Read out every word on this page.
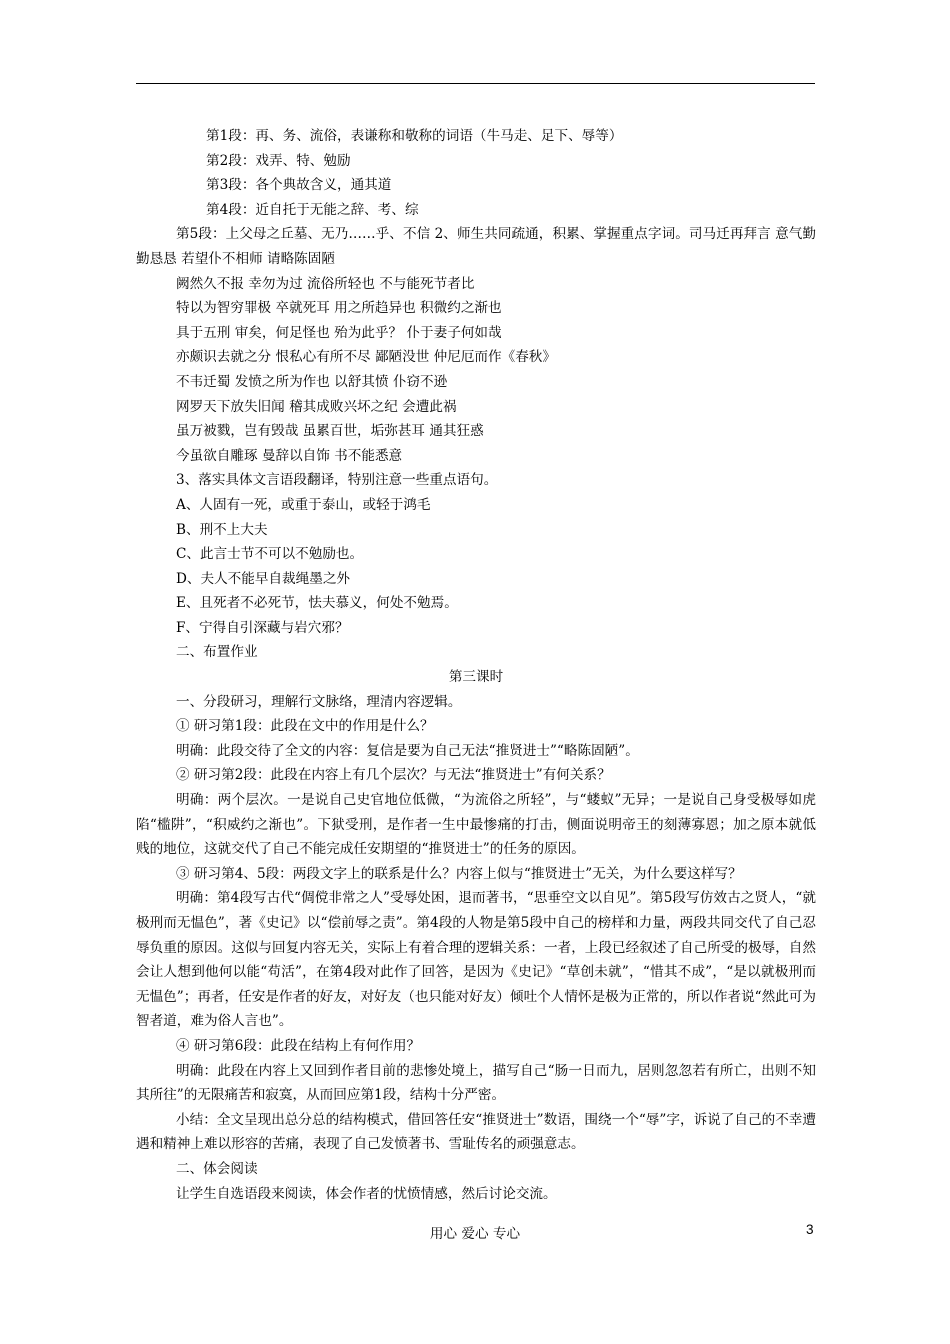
第1段：再、务、流俗，表谦称和敬称的词语（牛马走、足下、辱等）
第2段：戏弄、特、勉励
第3段：各个典故含义，通其道
第4段：近自托于无能之辞、考、综
第5段：上父母之丘墓、无乃……乎、不信 2、师生共同疏通，积累、掌握重点字词。司马迁再拜言 意气勤勤恳恳 若望仆不相师 请略陈固陋
阙然久不报 幸勿为过 流俗所轻也 不与能死节者比
特以为智穷罪极 卒就死耳 用之所趋异也 积微约之渐也
具于五刑 审矣，何足怪也 殆为此乎？ 仆于妻子何如哉
亦颇识去就之分 恨私心有所不尽 鄙陋没世 仲尼厄而作《春秋》
不韦迁蜀 发愤之所为作也 以舒其愤 仆窃不逊
网罗天下放失旧闻 稽其成败兴坏之纪 会遭此祸
虽万被戮，岂有毁哉 虽累百世，垢弥甚耳 通其狂惑
今虽欲自雕琢 曼辞以自饰 书不能悉意
3、落实具体文言语段翻译，特别注意一些重点语句。
A、人固有一死，或重于泰山，或轻于鸿毛
B、刑不上大夫
C、此言士节不可以不勉励也。
D、夫人不能早自裁绳墨之外
E、且死者不必死节，怯夫慕义，何处不勉焉。
F、宁得自引深藏与岩穴邪？
二、布置作业
第三课时
一、分段研习，理解行文脉络，理清内容逻辑。
① 研习第1段：此段在文中的作用是什么？
明确：此段交待了全文的内容：复信是要为自己无法“推贤进士”“略陈固陋”。
② 研习第2段：此段在内容上有几个层次？与无法“推贤进士”有何关系？
明确：两个层次。一是说自己史官地位低微，“为流俗之所轻”，与“蝼蚁”无异；一是说自己身受极辱如虎陷“槛阱”，“积威约之渐也”。下狱受刑，是作者一生中最惨痛的打击，侧面说明帝王的刻薄寡恩；加之原本就低贱的地位，这就交代了自己不能完成任安期望的“推贤进士”的任务的原因。
③ 研习第4、5段：两段文字上的联系是什么？内容上似与“推贤进士”无关，为什么要这样写？
明确：第4段写古代“倜傥非常之人”受辱处困，退而著书，“思垂空文以自见”。第5段写仿效古之贤人，“就极刑而无愠色”，著《史记》以“偿前辱之责”。第4段的人物是第5段中自己的榜样和力量，两段共同交代了自己忍辱负重的原因。这似与回复内容无关，实际上有着合理的逻辑关系：一者，上段已经叙述了自己所受的极辱，自然会让人想到他何以能“苟活”，在第4段对此作了回答，是因为《史记》“草创未就”，“惜其不成”，“是以就极刑而无愠色”；再者，任安是作者的好友，对好友（也只能对好友）倾吐个人情怀是极为正常的，所以作者说“然此可为智者道，难为俗人言也”。
④ 研习第6段：此段在结构上有何作用？
明确：此段在内容上又回到作者目前的悲惨处境上，描写自己“肠一日而九，居则忽忽若有所亡，出则不知其所往”的无限痛苦和寂寞，从而回应第1段，结构十分严密。
小结：全文呈现出总分总的结构模式，借回答任安“推贤进士”数语，围绕一个“辱”字，诉说了自己的不幸遭遇和精神上难以形容的苦痛，表现了自己发愤著书、雪耻传名的顽强意志。
二、体会阅读
让学生自选语段来阅读，体会作者的忧愤情感，然后讨论交流。
用心 爱心 专心	3
